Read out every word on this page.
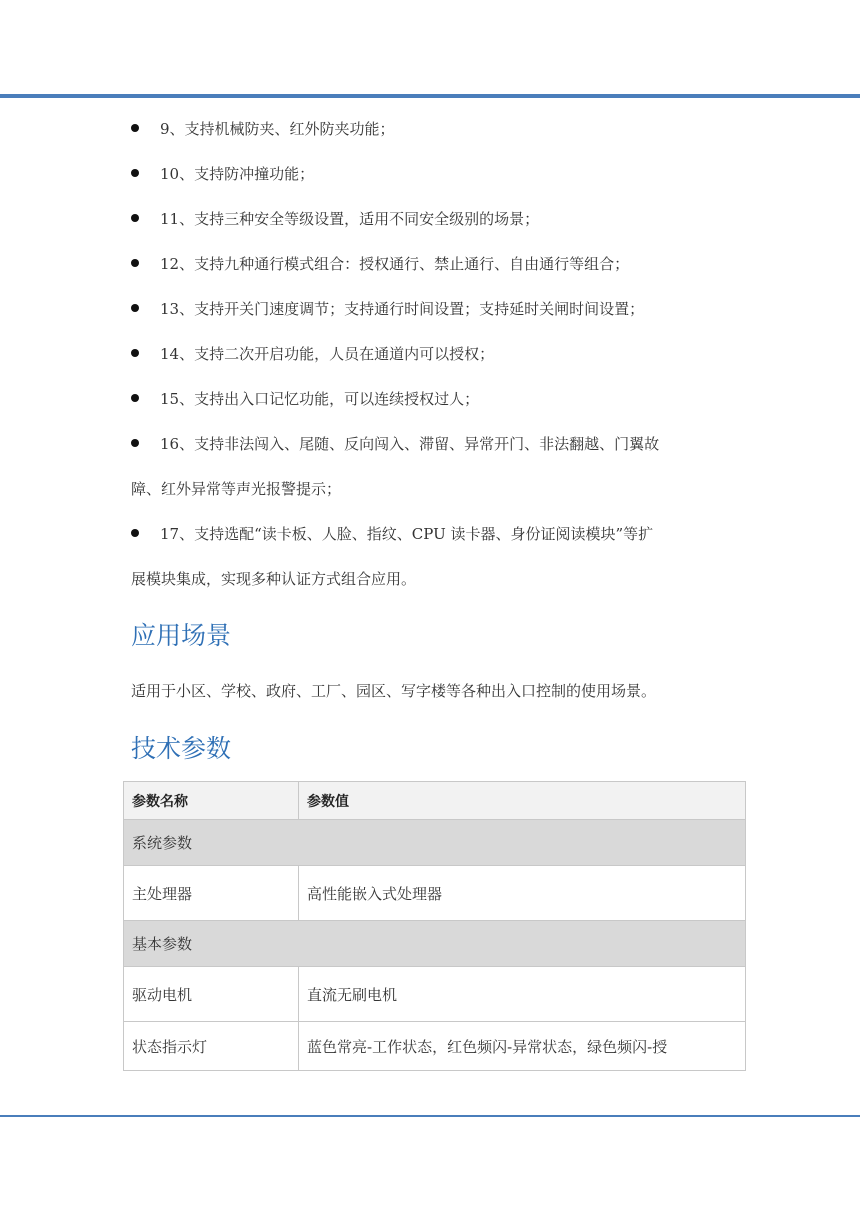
9、支持机械防夹、红外防夹功能；
10、支持防冲撞功能；
11、支持三种安全等级设置，适用不同安全级别的场景；
12、支持九种通行模式组合：授权通行、禁止通行、自由通行等组合；
13、支持开关门速度调节；支持通行时间设置；支持延时关闸时间设置；
14、支持二次开启功能，人员在通道内可以授权；
15、支持出入口记忆功能，可以连续授权过人；
16、支持非法闯入、尾随、反向闯入、滞留、异常开门、非法翻越、门翼故
障、红外异常等声光报警提示；
17、支持选配“读卡板、人脸、指纹、CPU 读卡器、身份证阅读模块”等扩
展模块集成，实现多种认证方式组合应用。
应用场景
适用于小区、学校、政府、工厂、园区、写字楼等各种出入口控制的使用场景。
技术参数
参数名称	参数值
系统参数	
主处理器	高性能嵌入式处理器
基本参数	
驱动电机	直流无刷电机
状态指示灯	蓝色常亮-工作状态，红色频闪-异常状态，绿色频闪-授
